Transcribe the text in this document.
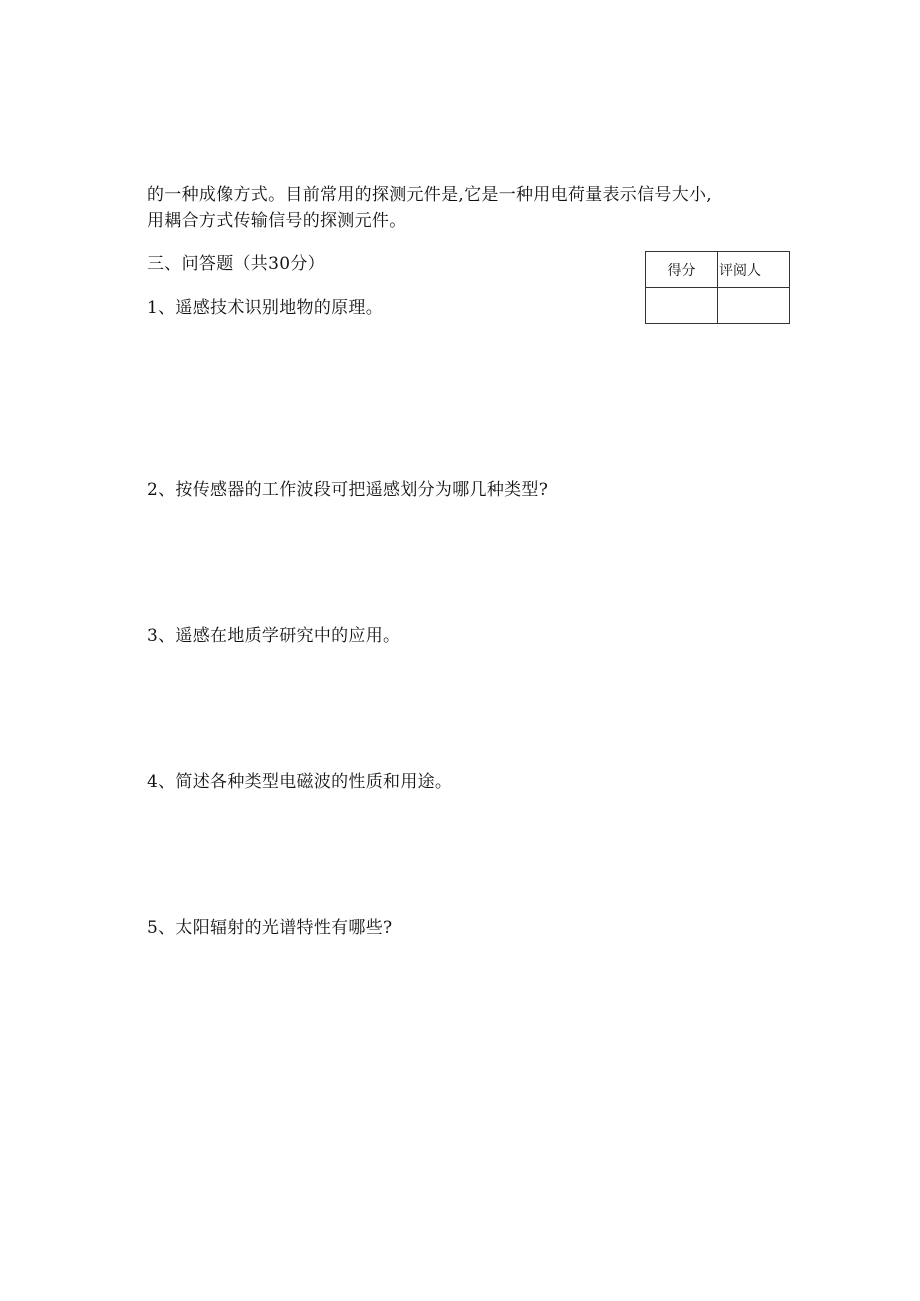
的一种成像方式。目前常用的探测元件是,它是一种用电荷量表示信号大小,
用耦合方式传输信号的探测元件。
三、问答题（共30分）	得分	评阅人

1、遥感技术识别地物的原理。
2、按传感器的工作波段可把遥感划分为哪几种类型?
3、遥感在地质学研究中的应用。
4、简述各种类型电磁波的性质和用途。
5、太阳辐射的光谱特性有哪些?
